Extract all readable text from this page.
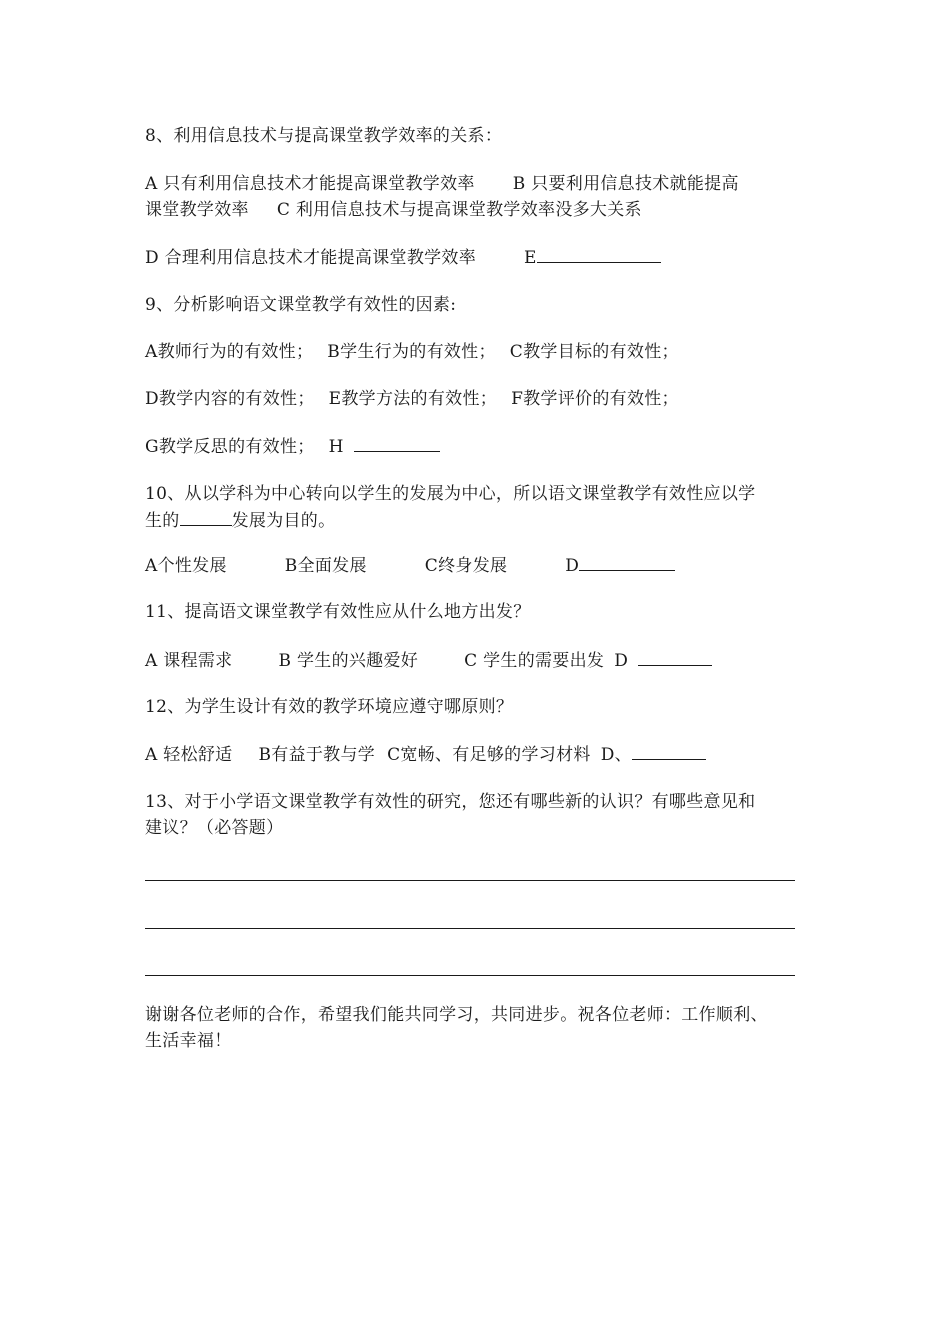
8、利用信息技术与提高课堂教学效率的关系：
A 只有利用信息技术才能提高课堂教学效率 B 只要利用信息技术就能提高
课堂教学效率 C 利用信息技术与提高课堂教学效率没多大关系
D 合理利用信息技术才能提高课堂教学效率	E
9、分析影响语文课堂教学有效性的因素:
A教师行为的有效性； B学生行为的有效性； C教学目标的有效性；
D教学内容的有效性； E教学方法的有效性； F教学评价的有效性；
G教学反思的有效性； H
10、从以学科为中心转向以学生的发展为中心，所以语文课堂教学有效性应以学
生的	发展为目的。
A个性发展	B全面发展	C终身发展	D
11、提高语文课堂教学有效性应从什么地方出发？
A 课程需求	B 学生的兴趣爱好	C 学生的需要出发 D
12、为学生设计有效的教学环境应遵守哪原则？
A 轻松舒适 B有益于教与学 C宽畅、有足够的学习材料 D、
13、对于小学语文课堂教学有效性的研究，您还有哪些新的认识？有哪些意见和
建议？（必答题）
谢谢各位老师的合作，希望我们能共同学习，共同进步。祝各位老师：工作顺利、
生活幸福！
